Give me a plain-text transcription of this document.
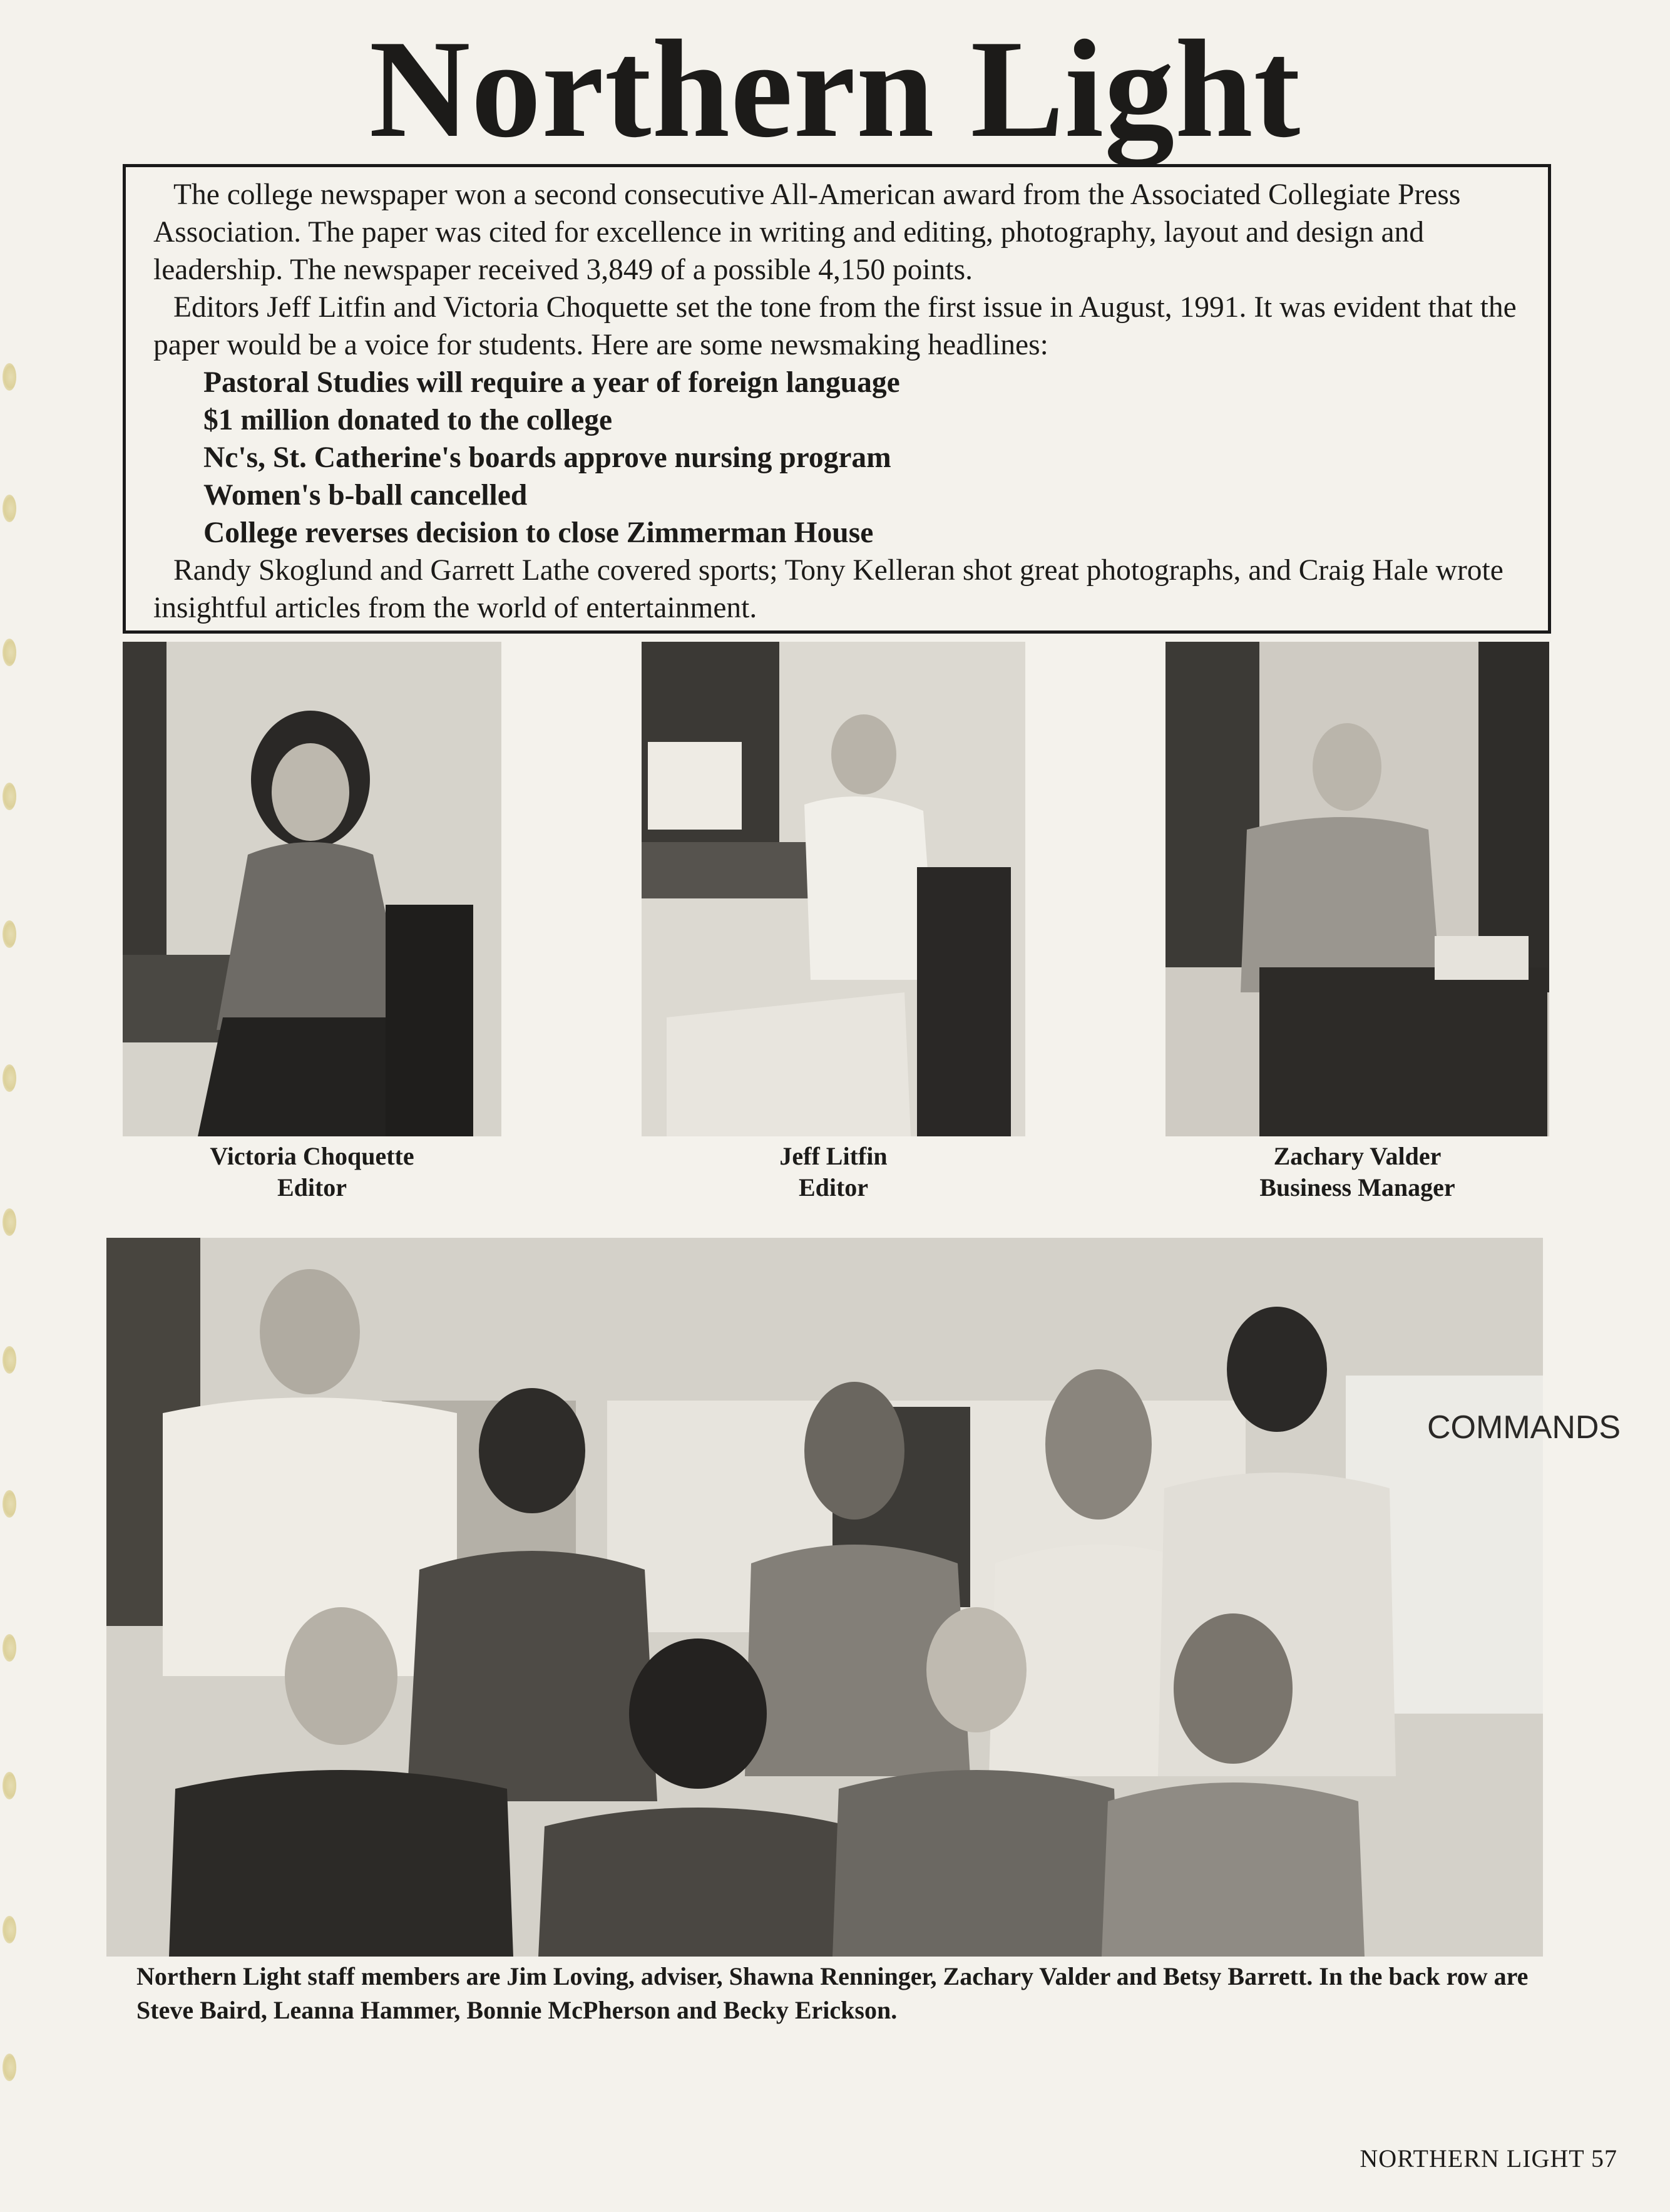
Northern Light

The college newspaper won a second consecutive All-American award from the Associated Collegiate Press Association. The paper was cited for excellence in writing and editing, photography, layout and design and leadership. The newspaper received 3,849 of a possible 4,150 points.

Editors Jeff Litfin and Victoria Choquette set the tone from the first issue in August, 1991. It was evident that the paper would be a voice for students. Here are some newsmaking headlines:

Pastoral Studies will require a year of foreign language
$1 million donated to the college
Nc's, St. Catherine's boards approve nursing program
Women's b-ball cancelled
College reverses decision to close Zimmerman House

Randy Skoglund and Garrett Lathe covered sports; Tony Kelleran shot great photographs, and Craig Hale wrote insightful articles from the world of entertainment.

Victoria Choquette
Editor
Jeff Litfin
Editor
Zachary Valder
Business Manager
COMMANDS
Northern Light staff members are Jim Loving, adviser, Shawna Renninger, Zachary Valder and Betsy Barrett. In the back row are Steve Baird, Leanna Hammer, Bonnie McPherson and Becky Erickson.
NORTHERN LIGHT 57
